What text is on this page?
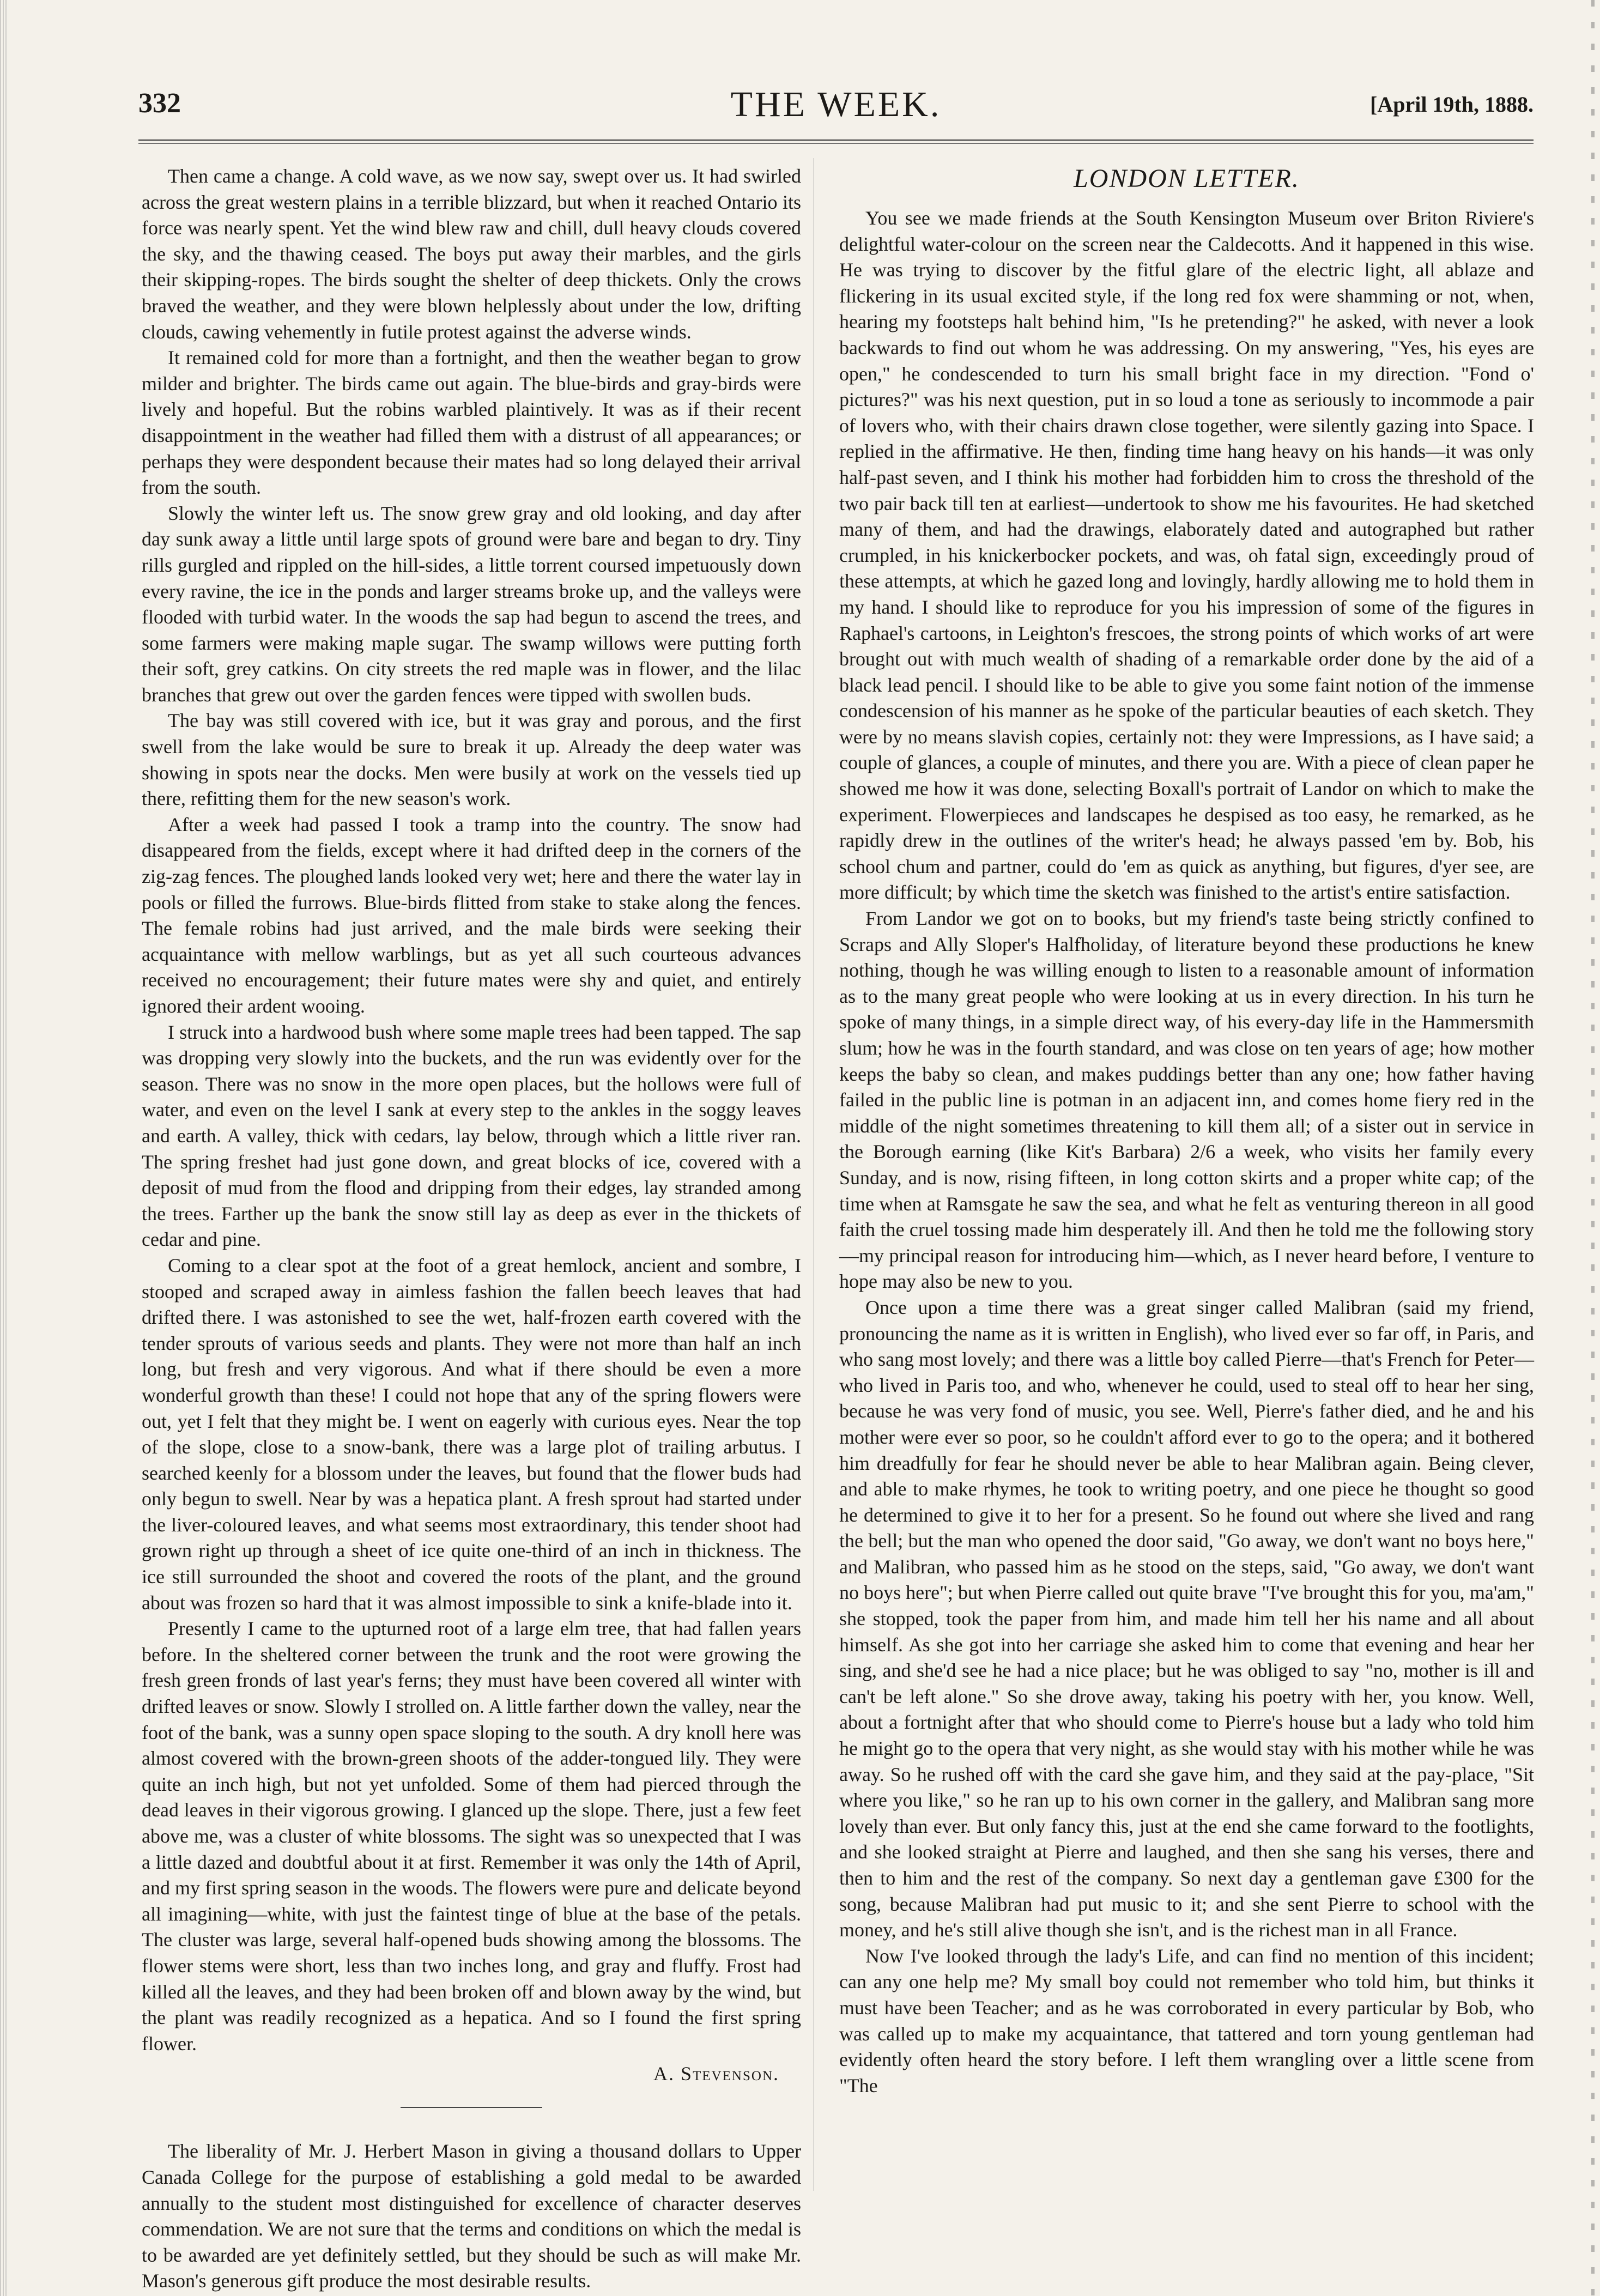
332	THE WEEK.	[April 19th, 1888.

Then came a change. A cold wave, as we now say, swept over us. It had swirled across the great western plains in a terrible blizzard, but when it reached Ontario its force was nearly spent. Yet the wind blew raw and chill, dull heavy clouds covered the sky, and the thawing ceased. The boys put away their marbles, and the girls their skipping-ropes. The birds sought the shelter of deep thickets. Only the crows braved the weather, and they were blown helplessly about under the low, drifting clouds, cawing vehemently in futile protest against the adverse winds.

It remained cold for more than a fortnight, and then the weather began to grow milder and brighter. The birds came out again. The blue-birds and gray-birds were lively and hopeful. But the robins warbled plaintively. It was as if their recent disappointment in the weather had filled them with a distrust of all appearances; or perhaps they were despondent because their mates had so long delayed their arrival from the south.

Slowly the winter left us. The snow grew gray and old looking, and day after day sunk away a little until large spots of ground were bare and began to dry. Tiny rills gurgled and rippled on the hill-sides, a little torrent coursed impetuously down every ravine, the ice in the ponds and larger streams broke up, and the valleys were flooded with turbid water. In the woods the sap had begun to ascend the trees, and some farmers were making maple sugar. The swamp willows were putting forth their soft, grey catkins. On city streets the red maple was in flower, and the lilac branches that grew out over the garden fences were tipped with swollen buds.

The bay was still covered with ice, but it was gray and porous, and the first swell from the lake would be sure to break it up. Already the deep water was showing in spots near the docks. Men were busily at work on the vessels tied up there, refitting them for the new season's work.

After a week had passed I took a tramp into the country. The snow had disappeared from the fields, except where it had drifted deep in the corners of the zig-zag fences. The ploughed lands looked very wet; here and there the water lay in pools or filled the furrows. Blue-birds flitted from stake to stake along the fences. The female robins had just arrived, and the male birds were seeking their acquaintance with mellow warblings, but as yet all such courteous advances received no encouragement; their future mates were shy and quiet, and entirely ignored their ardent wooing.

I struck into a hardwood bush where some maple trees had been tapped. The sap was dropping very slowly into the buckets, and the run was evidently over for the season. There was no snow in the more open places, but the hollows were full of water, and even on the level I sank at every step to the ankles in the soggy leaves and earth. A valley, thick with cedars, lay below, through which a little river ran. The spring freshet had just gone down, and great blocks of ice, covered with a deposit of mud from the flood and dripping from their edges, lay stranded among the trees. Farther up the bank the snow still lay as deep as ever in the thickets of cedar and pine.

Coming to a clear spot at the foot of a great hemlock, ancient and sombre, I stooped and scraped away in aimless fashion the fallen beech leaves that had drifted there. I was astonished to see the wet, half-frozen earth covered with the tender sprouts of various seeds and plants. They were not more than half an inch long, but fresh and very vigorous. And what if there should be even a more wonderful growth than these! I could not hope that any of the spring flowers were out, yet I felt that they might be. I went on eagerly with curious eyes. Near the top of the slope, close to a snow-bank, there was a large plot of trailing arbutus. I searched keenly for a blossom under the leaves, but found that the flower buds had only begun to swell. Near by was a hepatica plant. A fresh sprout had started under the liver-coloured leaves, and what seems most extraordinary, this tender shoot had grown right up through a sheet of ice quite one-third of an inch in thickness. The ice still surrounded the shoot and covered the roots of the plant, and the ground about was frozen so hard that it was almost impossible to sink a knife-blade into it.

Presently I came to the upturned root of a large elm tree, that had fallen years before. In the sheltered corner between the trunk and the root were growing the fresh green fronds of last year's ferns; they must have been covered all winter with drifted leaves or snow. Slowly I strolled on. A little farther down the valley, near the foot of the bank, was a sunny open space sloping to the south. A dry knoll here was almost covered with the brown-green shoots of the adder-tongued lily. They were quite an inch high, but not yet unfolded. Some of them had pierced through the dead leaves in their vigorous growing. I glanced up the slope. There, just a few feet above me, was a cluster of white blossoms. The sight was so unexpected that I was a little dazed and doubtful about it at first. Remember it was only the 14th of April, and my first spring season in the woods. The flowers were pure and delicate beyond all imagining—white, with just the faintest tinge of blue at the base of the petals. The cluster was large, several half-opened buds showing among the blossoms. The flower stems were short, less than two inches long, and gray and fluffy. Frost had killed all the leaves, and they had been broken off and blown away by the wind, but the plant was readily recognized as a hepatica. And so I found the first spring flower.

A. Stevenson.

The liberality of Mr. J. Herbert Mason in giving a thousand dollars to Upper Canada College for the purpose of establishing a gold medal to be awarded annually to the student most distinguished for excellence of character deserves commendation. We are not sure that the terms and conditions on which the medal is to be awarded are yet definitely settled, but they should be such as will make Mr. Mason's generous gift produce the most desirable results.

LONDON LETTER.

You see we made friends at the South Kensington Museum over Briton Riviere's delightful water-colour on the screen near the Caldecotts. And it happened in this wise. He was trying to discover by the fitful glare of the electric light, all ablaze and flickering in its usual excited style, if the long red fox were shamming or not, when, hearing my footsteps halt behind him, "Is he pretending?" he asked, with never a look backwards to find out whom he was addressing. On my answering, "Yes, his eyes are open," he condescended to turn his small bright face in my direction. "Fond o' pictures?" was his next question, put in so loud a tone as seriously to incommode a pair of lovers who, with their chairs drawn close together, were silently gazing into Space. I replied in the affirmative. He then, finding time hang heavy on his hands—it was only half-past seven, and I think his mother had forbidden him to cross the threshold of the two pair back till ten at earliest—undertook to show me his favourites. He had sketched many of them, and had the drawings, elaborately dated and autographed but rather crumpled, in his knickerbocker pockets, and was, oh fatal sign, exceedingly proud of these attempts, at which he gazed long and lovingly, hardly allowing me to hold them in my hand. I should like to reproduce for you his impression of some of the figures in Raphael's cartoons, in Leighton's frescoes, the strong points of which works of art were brought out with much wealth of shading of a remarkable order done by the aid of a black lead pencil. I should like to be able to give you some faint notion of the immense condescension of his manner as he spoke of the particular beauties of each sketch. They were by no means slavish copies, certainly not: they were Impressions, as I have said; a couple of glances, a couple of minutes, and there you are. With a piece of clean paper he showed me how it was done, selecting Boxall's portrait of Landor on which to make the experiment. Flowerpieces and landscapes he despised as too easy, he remarked, as he rapidly drew in the outlines of the writer's head; he always passed 'em by. Bob, his school chum and partner, could do 'em as quick as anything, but figures, d'yer see, are more difficult; by which time the sketch was finished to the artist's entire satisfaction.

From Landor we got on to books, but my friend's taste being strictly confined to Scraps and Ally Sloper's Halfholiday, of literature beyond these productions he knew nothing, though he was willing enough to listen to a reasonable amount of information as to the many great people who were looking at us in every direction. In his turn he spoke of many things, in a simple direct way, of his every-day life in the Hammersmith slum; how he was in the fourth standard, and was close on ten years of age; how mother keeps the baby so clean, and makes puddings better than any one; how father having failed in the public line is potman in an adjacent inn, and comes home fiery red in the middle of the night sometimes threatening to kill them all; of a sister out in service in the Borough earning (like Kit's Barbara) 2/6 a week, who visits her family every Sunday, and is now, rising fifteen, in long cotton skirts and a proper white cap; of the time when at Ramsgate he saw the sea, and what he felt as venturing thereon in all good faith the cruel tossing made him desperately ill. And then he told me the following story—my principal reason for introducing him—which, as I never heard before, I venture to hope may also be new to you.

Once upon a time there was a great singer called Malibran (said my friend, pronouncing the name as it is written in English), who lived ever so far off, in Paris, and who sang most lovely; and there was a little boy called Pierre—that's French for Peter—who lived in Paris too, and who, whenever he could, used to steal off to hear her sing, because he was very fond of music, you see. Well, Pierre's father died, and he and his mother were ever so poor, so he couldn't afford ever to go to the opera; and it bothered him dreadfully for fear he should never be able to hear Malibran again. Being clever, and able to make rhymes, he took to writing poetry, and one piece he thought so good he determined to give it to her for a present. So he found out where she lived and rang the bell; but the man who opened the door said, "Go away, we don't want no boys here," and Malibran, who passed him as he stood on the steps, said, "Go away, we don't want no boys here"; but when Pierre called out quite brave "I've brought this for you, ma'am," she stopped, took the paper from him, and made him tell her his name and all about himself. As she got into her carriage she asked him to come that evening and hear her sing, and she'd see he had a nice place; but he was obliged to say "no, mother is ill and can't be left alone." So she drove away, taking his poetry with her, you know. Well, about a fortnight after that who should come to Pierre's house but a lady who told him he might go to the opera that very night, as she would stay with his mother while he was away. So he rushed off with the card she gave him, and they said at the pay-place, "Sit where you like," so he ran up to his own corner in the gallery, and Malibran sang more lovely than ever. But only fancy this, just at the end she came forward to the footlights, and she looked straight at Pierre and laughed, and then she sang his verses, there and then to him and the rest of the company. So next day a gentleman gave £300 for the song, because Malibran had put music to it; and she sent Pierre to school with the money, and he's still alive though she isn't, and is the richest man in all France.

Now I've looked through the lady's Life, and can find no mention of this incident; can any one help me? My small boy could not remember who told him, but thinks it must have been Teacher; and as he was corroborated in every particular by Bob, who was called up to make my acquaintance, that tattered and torn young gentleman had evidently often heard the story before. I left them wrangling over a little scene from "The
